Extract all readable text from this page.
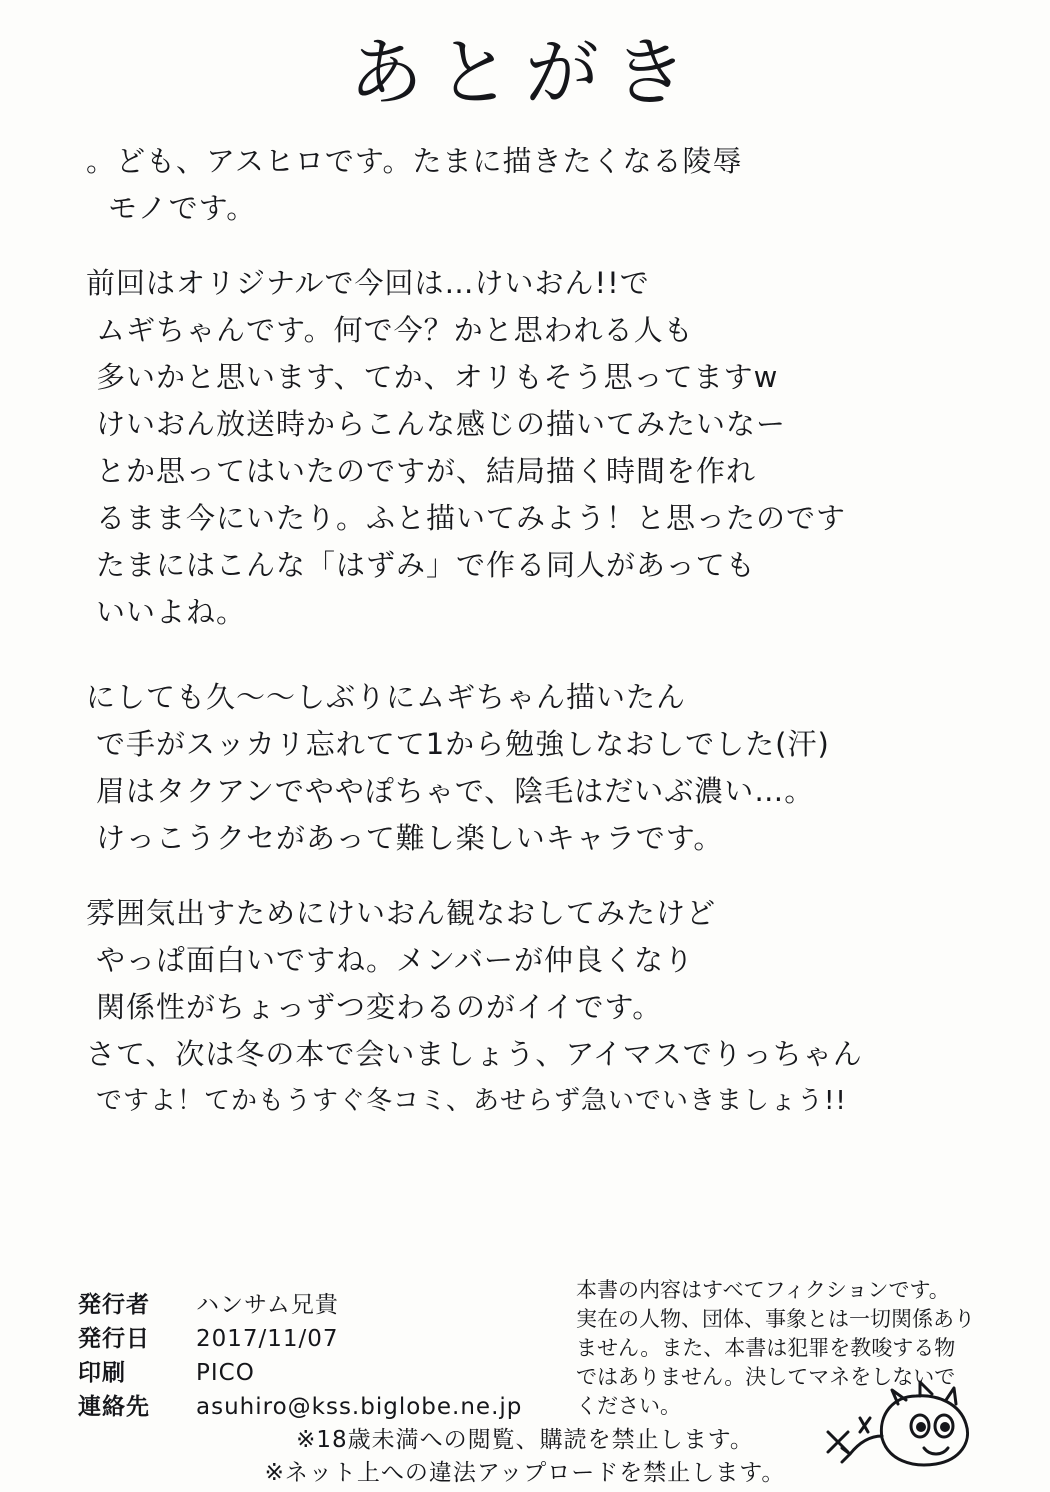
あとがき
。ども、アスヒロです。たまに描きたくなる陵辱
モノです。
前回はオリジナルで今回は…けいおん!!で
ムギちゃんです。何で今？かと思われる人も
多いかと思います、てか、オリもそう思ってますw
けいおん放送時からこんな感じの描いてみたいなー
とか思ってはいたのですが、結局描く時間を作れ
るまま今にいたり。ふと描いてみよう！と思ったのです
たまにはこんな「はずみ」で作る同人があっても
いいよね。
にしても久〜〜しぶりにムギちゃん描いたん
で手がスッカリ忘れてて1から勉強しなおしでした(汗)
眉はタクアンでややぽちゃで、陰毛はだいぶ濃い…。
けっこうクセがあって難し楽しいキャラです。
雰囲気出すためにけいおん観なおしてみたけど
やっぱ面白いですね。メンバーが仲良くなり
関係性がちょっずつ変わるのがイイです。
さて、次は冬の本で会いましょう、アイマスでりっちゃん
ですよ！てかもうすぐ冬コミ、あせらず急いでいきましょう!!
発行者	ハンサム兄貴
発行日	2017/11/07
印刷	PICO
連絡先	asuhiro@kss.biglobe.ne.jp
本書の内容はすべてフィクションです。
実在の人物、団体、事象とは一切関係あり
ません。また、本書は犯罪を教唆する物
ではありません。決してマネをしないで
ください。
※18歳未満への閲覧、購読を禁止します。
※ネット上への違法アップロードを禁止します。
